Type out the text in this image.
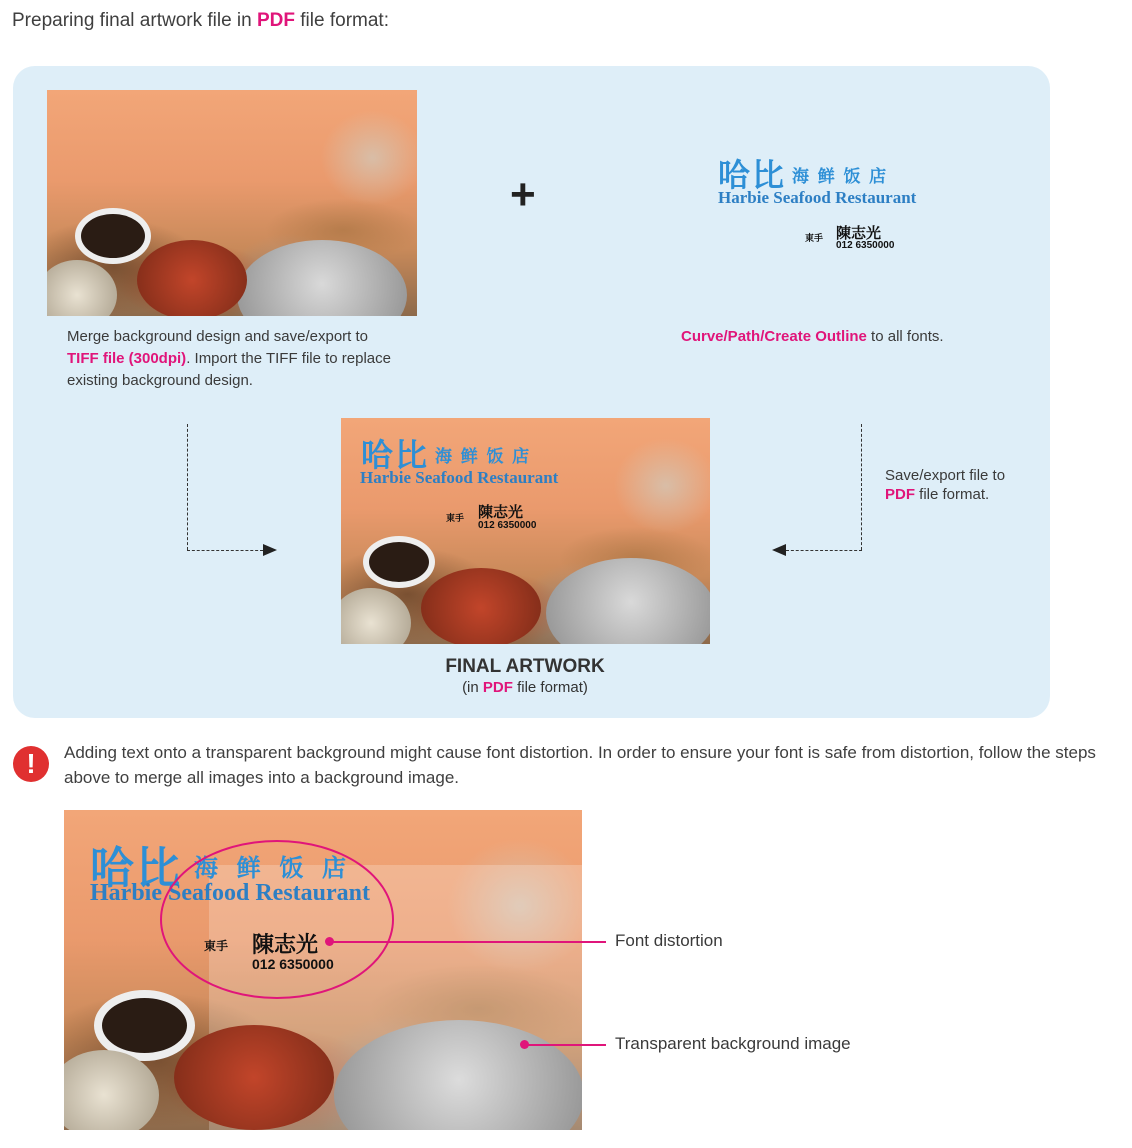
Preparing final artwork file in PDF file format:
+	哈比 海 鲜 饭 店
Harbie Seafood Restaurant
東手 陳志光
012 6350000
Merge background design and save/export to
TIFF file (300dpi). Import the TIFF file to replace
existing background design.
Curve/Path/Create Outline to all fonts.
Save/export file to
PDF file format.
哈比 海 鲜 饭 店
Harbie Seafood Restaurant
東手 陳志光
012 6350000
FINAL ARTWORK
(in PDF file format)
!	Adding text onto a transparent background might cause font distortion. In order to ensure your font is safe from distortion, follow the steps above to merge all images into a background image.
哈比 海 鲜 饭 店
Harbie Seafood Restaurant
東手 陳志光
012 6350000
Font distortion
Transparent background image
